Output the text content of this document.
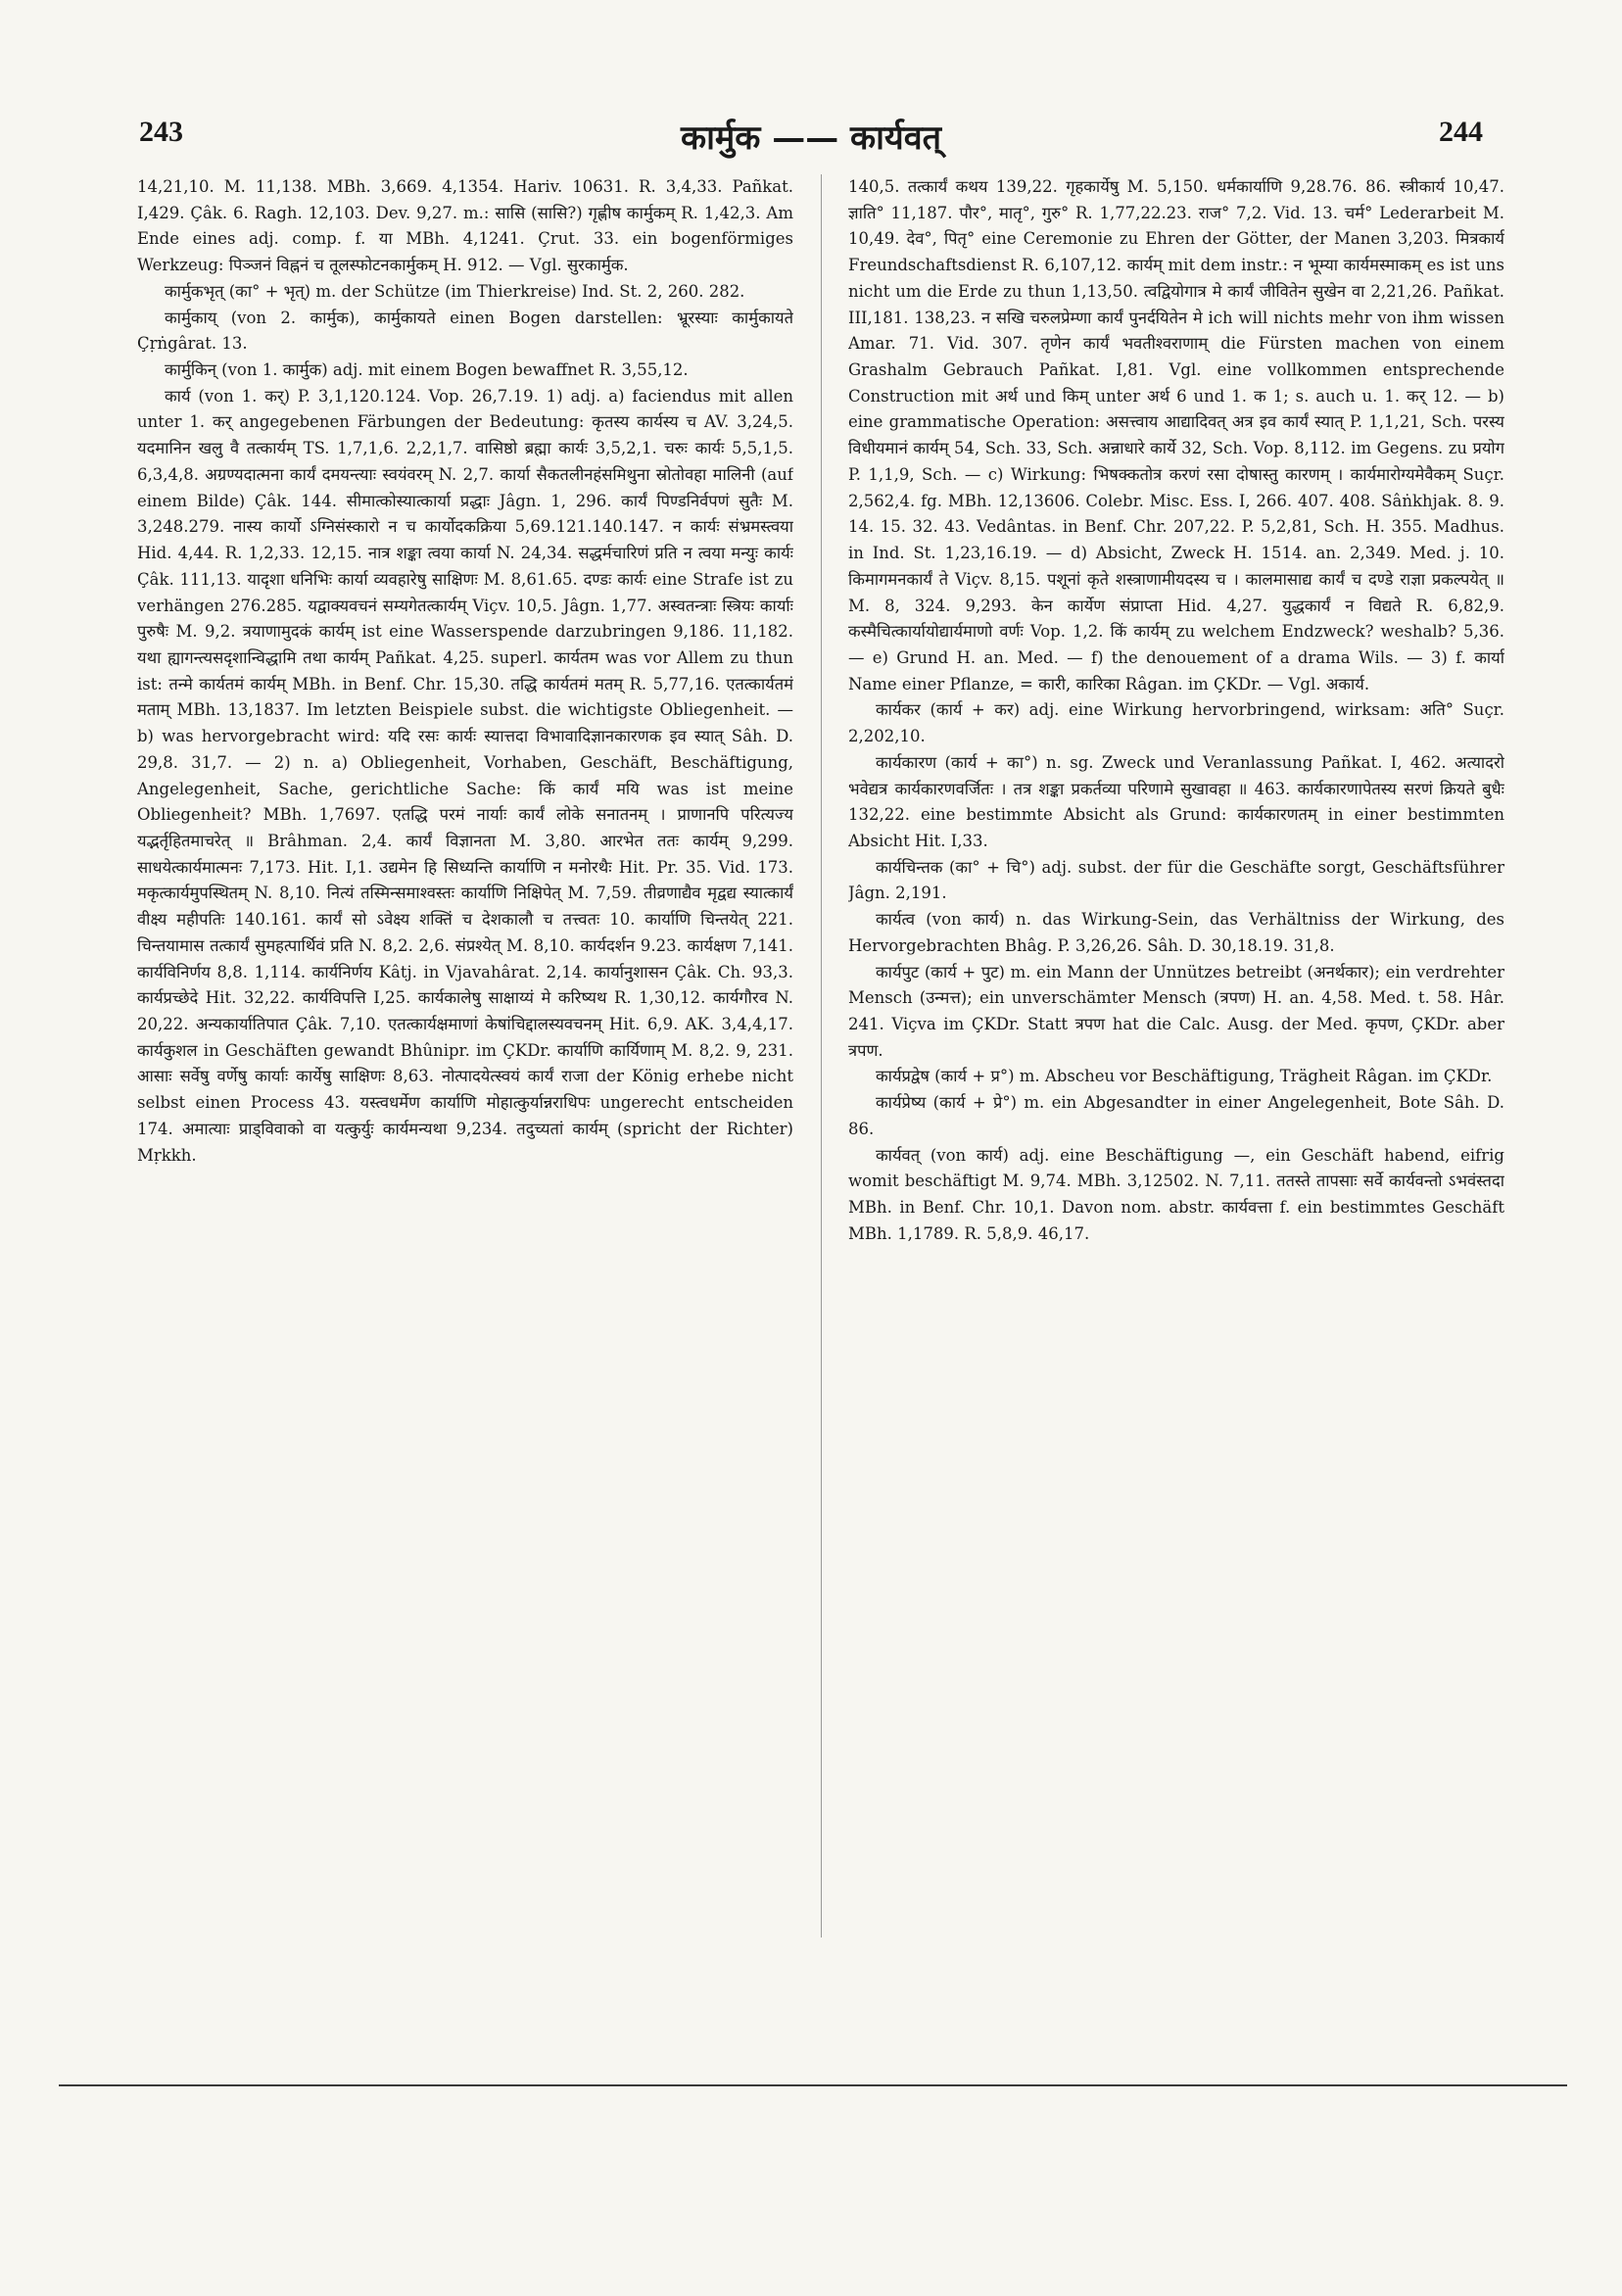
243	कार्मुक —— कार्यवत्	244

14,21,10. M. 11,138. MBh. 3,669. 4,1354. Hariv. 10631. R. 3,4,33. Pañkat. I,429. Çâk. 6. Ragh. 12,103. Dev. 9,27. m.: सासि (सासि?) गृह्णीष कार्मुकम् R. 1,42,3. Am Ende eines adj. comp. f. या MBh. 4,1241. Çrut. 33. ein bogenförmiges Werkzeug: पिञ्जनं विह्ननं च तूलस्फोटनकार्मुकम् H. 912. — Vgl. सुरकार्मुक.

कार्मुकभृत् (का° + भृत्) m. der Schütze (im Thierkreise) Ind. St. 2, 260. 282.

कार्मुकाय् (von 2. कार्मुक), कार्मुकायते einen Bogen darstellen: भ्रूरस्याः कार्मुकायते Çṛṅgârat. 13.

कार्मुकिन् (von 1. कार्मुक) adj. mit einem Bogen bewaffnet R. 3,55,12.

कार्य (von 1. कर्) P. 3,1,120.124. Vop. 26,7.19. 1) adj. a) faciendus mit allen unter 1. कर् angegebenen Färbungen der Bedeutung: कृतस्य कार्यस्य च AV. 3,24,5. यदमानिन खलु वै तत्कार्यम् TS. 1,7,1,6. 2,2,1,7. वासिष्ठो ब्रह्मा कार्यः 3,5,2,1. चरुः कार्यः 5,5,1,5. 6,3,4,8. अग्रण्यदात्मना कार्यं दमयन्त्याः स्वयंवरम् N. 2,7. कार्या सैकतलीनहंसमिथुना स्रोतोवहा मालिनी (auf einem Bilde) Çâk. 144. सीमात्कोस्यात्कार्या प्रद्धाः Jâgn. 1, 296. कार्यं पिण्डनिर्वपणं सुतैः M. 3,248.279. नास्य कार्यो ऽग्निसंस्कारो न च कार्योदकक्रिया 5,69.121.140.147. न कार्यः संभ्रमस्त्वया Hid. 4,44. R. 1,2,33. 12,15. नात्र शङ्का त्वया कार्या N. 24,34. सद्धर्मचारिणं प्रति न त्वया मन्युः कार्यः Çâk. 111,13. यादृशा धनिभिः कार्या व्यवहारेषु साक्षिणः M. 8,61.65. दण्डः कार्यः eine Strafe ist zu verhängen 276.285. यद्वाक्यवचनं सम्यगेतत्कार्यम् Viçv. 10,5. Jâgn. 1,77. अस्वतन्त्राः स्त्रियः कार्याः पुरुषैः M. 9,2. त्रयाणामुदकं कार्यम् ist eine Wasserspende darzubringen 9,186. 11,182. यथा ह्यागन्त्यसदृशान्विद्धामि तथा कार्यम् Pañkat. 4,25. superl. कार्यतम was vor Allem zu thun ist: तन्मे कार्यतमं कार्यम् MBh. in Benf. Chr. 15,30. तद्धि कार्यतमं मतम् R. 5,77,16. एतत्कार्यतमं मताम् MBh. 13,1837. Im letzten Beispiele subst. die wichtigste Obliegenheit. — b) was hervorgebracht wird: यदि रसः कार्यः स्यात्तदा विभावादिज्ञानकारणक इव स्यात् Sâh. D. 29,8. 31,7. — 2) n. a) Obliegenheit, Vorhaben, Geschäft, Beschäftigung, Angelegenheit, Sache, gerichtliche Sache: किं कार्यं मयि was ist meine Obliegenheit? MBh. 1,7697. एतद्धि परमं नार्याः कार्यं लोके सनातनम् । प्राणानपि परित्यज्य यद्भर्तृहितमाचरेत् ॥ Brâhman. 2,4. कार्यं विज्ञानता M. 3,80. आरभेत ततः कार्यम् 9,299. साधयेत्कार्यमात्मनः 7,173. Hit. I,1. उद्यमेन हि सिध्यन्ति कार्याणि न मनोरथैः Hit. Pr. 35. Vid. 173. मकृत्कार्यमुपस्थितम् N. 8,10. नित्यं तस्मिन्समाश्वस्तः कार्याणि निक्षिपेत् M. 7,59. तीव्रणाद्यैव मृद्वद्य स्यात्कार्यं वीक्ष्य महीपतिः 140.161. कार्यं सो ऽवेक्ष्य शक्तिं च देशकालौ च तत्त्वतः 10. कार्याणि चिन्तयेत् 221. चिन्तयामास तत्कार्यं सुमहत्पार्थिवं प्रति N. 8,2. 2,6. संप्रश्येत् M. 8,10. कार्यदर्शन 9.23. कार्यक्षण 7,141. कार्यविनिर्णय 8,8. 1,114. कार्यनिर्णय Kâtj. in Vjavahârat. 2,14. कार्यानुशासन Çâk. Ch. 93,3. कार्यप्रच्छेदे Hit. 32,22. कार्यविपत्ति I,25. कार्यकालेषु साक्षाय्यं मे करिष्यथ R. 1,30,12. कार्यगौरव N. 20,22. अन्यकार्यातिपात Çâk. 7,10. एतत्कार्यक्षमाणां केषांचिद्दालस्यवचनम् Hit. 6,9. AK. 3,4,4,17. कार्यकुशल in Geschäften gewandt Bhûnipr. im ÇKDr. कार्याणि कार्यिणाम् M. 8,2. 9, 231. आसाः सर्वेषु वर्णेषु कार्याः कार्येषु साक्षिणः 8,63. नोत्पादयेत्स्वयं कार्यं राजा der König erhebe nicht selbst einen Process 43. यस्त्वधर्मेण कार्याणि मोहात्कुर्यान्नराधिपः ungerecht entscheiden 174. अमात्याः प्राड्विवाको वा यत्कुर्युः कार्यमन्यथा 9,234. तदुच्यतां कार्यम् (spricht der Richter) Mṛkkh.

140,5. तत्कार्यं कथय 139,22. गृहकार्येषु M. 5,150. धर्मकार्याणि 9,28.76. 86. स्त्रीकार्य 10,47. ज्ञाति° 11,187. पौर°, मातृ°, गुरु° R. 1,77,22.23. राज° 7,2. Vid. 13. चर्म° Lederarbeit M. 10,49. देव°, पितृ° eine Ceremonie zu Ehren der Götter, der Manen 3,203. मित्रकार्य Freundschaftsdienst R. 6,107,12. कार्यम् mit dem instr.: न भूम्या कार्यमस्माकम् es ist uns nicht um die Erde zu thun 1,13,50. त्वद्वियोगात्र मे कार्यं जीवितेन सुखेन वा 2,21,26. Pañkat. III,181. 138,23. न सखि चरुलप्रेम्णा कार्यं पुनर्दयितेन मे ich will nichts mehr von ihm wissen Amar. 71. Vid. 307. तृणेन कार्यं भवतीश्वराणाम् die Fürsten machen von einem Grashalm Gebrauch Pañkat. I,81. Vgl. eine vollkommen entsprechende Construction mit अर्थ und किम् unter अर्थ 6 und 1. क 1; s. auch u. 1. कर् 12. — b) eine grammatische Operation: असत्त्वाय आद्यादिवत् अत्र इव कार्यं स्यात् P. 1,1,21, Sch. परस्य विधीयमानं कार्यम् 54, Sch. 33, Sch. अन्नाधारे कार्ये 32, Sch. Vop. 8,112. im Gegens. zu प्रयोग P. 1,1,9, Sch. — c) Wirkung: भिषक्कतोत्र करणं रसा दोषास्तु कारणम् । कार्यमारोग्यमेवैकम् Suçr. 2,562,4. fg. MBh. 12,13606. Colebr. Misc. Ess. I, 266. 407. 408. Sâṅkhjak. 8. 9. 14. 15. 32. 43. Vedântas. in Benf. Chr. 207,22. P. 5,2,81, Sch. H. 355. Madhus. in Ind. St. 1,23,16.19. — d) Absicht, Zweck H. 1514. an. 2,349. Med. j. 10. किमागमनकार्यं ते Viçv. 8,15. पशूनां कृते शस्त्राणामीयदस्य च । कालमासाद्य कार्यं च दण्डे राज्ञा प्रकल्पयेत् ॥ M. 8, 324. 9,293. केन कार्येण संप्राप्ता Hid. 4,27. युद्धकार्यं न विद्यते R. 6,82,9. कस्मैचित्कार्यायोद्यार्यमाणो वर्णः Vop. 1,2. किं कार्यम् zu welchem Endzweck? weshalb? 5,36. — e) Grund H. an. Med. — f) the denouement of a drama Wils. — 3) f. कार्या Name einer Pflanze, = कारी, कारिका Râgan. im ÇKDr. — Vgl. अकार्य.

कार्यकर (कार्य + कर) adj. eine Wirkung hervorbringend, wirksam: अति° Suçr. 2,202,10.

कार्यकारण (कार्य + का°) n. sg. Zweck und Veranlassung Pañkat. I, 462. अत्यादरो भवेद्यत्र कार्यकारणवर्जितः । तत्र शङ्का प्रकर्तव्या परिणामे सुखावहा ॥ 463. कार्यकारणापेतस्य सरणं क्रियते बुधैः 132,22. eine bestimmte Absicht als Grund: कार्यकारणतम् in einer bestimmten Absicht Hit. I,33.

कार्यचिन्तक (का° + चि°) adj. subst. der für die Geschäfte sorgt, Geschäftsführer Jâgn. 2,191.

कार्यत्व (von कार्य) n. das Wirkung-Sein, das Verhältniss der Wirkung, des Hervorgebrachten Bhâg. P. 3,26,26. Sâh. D. 30,18.19. 31,8.

कार्यपुट (कार्य + पुट) m. ein Mann der Unnützes betreibt (अनर्थकार); ein verdrehter Mensch (उन्मत्त); ein unverschämter Mensch (त्रपण) H. an. 4,58. Med. t. 58. Hâr. 241. Viçva im ÇKDr. Statt त्रपण hat die Calc. Ausg. der Med. कृपण, ÇKDr. aber त्रपण.

कार्यप्रद्वेष (कार्य + प्र°) m. Abscheu vor Beschäftigung, Trägheit Râgan. im ÇKDr.

कार्यप्रेष्य (कार्य + प्रे°) m. ein Abgesandter in einer Angelegenheit, Bote Sâh. D. 86.

कार्यवत् (von कार्य) adj. eine Beschäftigung —, ein Geschäft habend, eifrig womit beschäftigt M. 9,74. MBh. 3,12502. N. 7,11. ततस्ते तापसाः सर्वे कार्यवन्तो ऽभवंस्तदा MBh. in Benf. Chr. 10,1. Davon nom. abstr. कार्यवत्ता f. ein bestimmtes Geschäft MBh. 1,1789. R. 5,8,9. 46,17.
